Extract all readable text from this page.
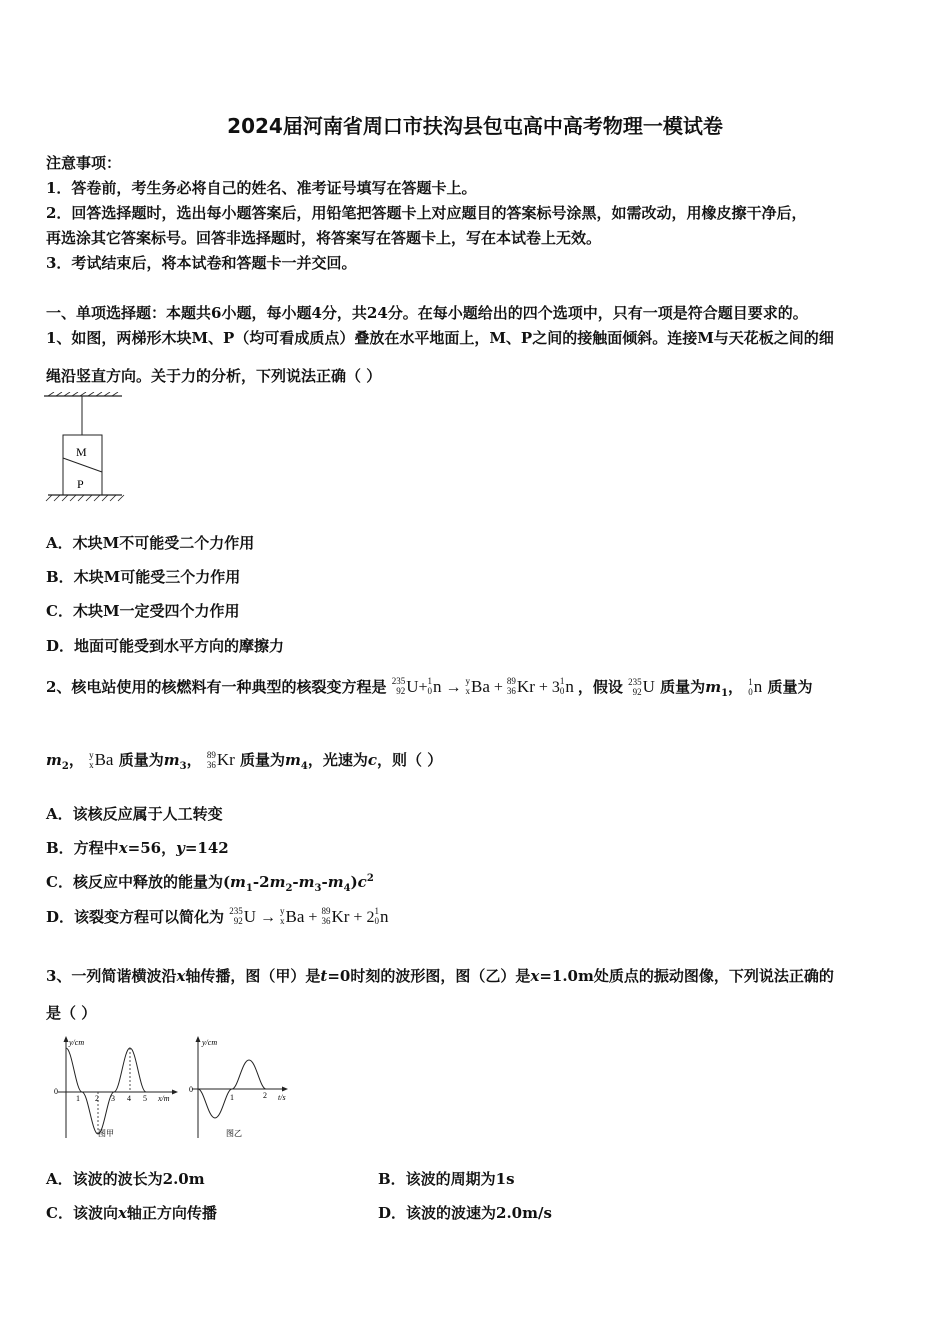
2024届河南省周口市扶沟县包屯高中高考物理一模试卷
注意事项：
1．答卷前，考生务必将自己的姓名、准考证号填写在答题卡上。
2．回答选择题时，选出每小题答案后，用铅笔把答题卡上对应题目的答案标号涂黑，如需改动，用橡皮擦干净后，
再选涂其它答案标号。回答非选择题时，将答案写在答题卡上，写在本试卷上无效。
3．考试结束后，将本试卷和答题卡一并交回。
一、单项选择题：本题共6小题，每小题4分，共24分。在每小题给出的四个选项中，只有一项是符合题目要求的。
1、如图，两梯形木块M、P（均可看成质点）叠放在水平地面上，M、P之间的接触面倾斜。连接M与天花板之间的细
绳沿竖直方向。关于力的分析，下列说法正确（ ）
M
P
A．木块M不可能受二个力作用
B．木块M可能受三个力作用
C．木块M一定受四个力作用
D．地面可能受到水平方向的摩擦力
2、核电站使用的核燃料有一种典型的核裂变方程是 235
92 U+ 1
0 n → y
x Ba + 89
36 Kr + 3 1
0 n ，假设 235
92 U 质量为$m_1$， 1
0 n 质量为
$m_2$， y
x Ba 质量为$m_3$， 89
36 Kr 质量为$m_4$，光速为c，则（ ）
A．该核反应属于人工转变
B．方程中x=56，y=142
C．核反应中释放的能量为$(m_1-2m_2-m_3-m_4)c^2$
D．该裂变方程可以简化为 235
92 U → y
x Ba + 89
36 Kr + 2 1
0 n
3、一列简谐横波沿x轴传播，图（甲）是t=0时刻的波形图，图（乙）是x=1.0m处质点的振动图像，下列说法正确的
是（ ）
y/cm
0
1 2 3 4 5 x/m
图甲
y/cm
0
1	2 t/s
图乙
A．该波的波长为2.0m	B．该波的周期为1s
C．该波向x轴正方向传播	D．该波的波速为2.0m/s
